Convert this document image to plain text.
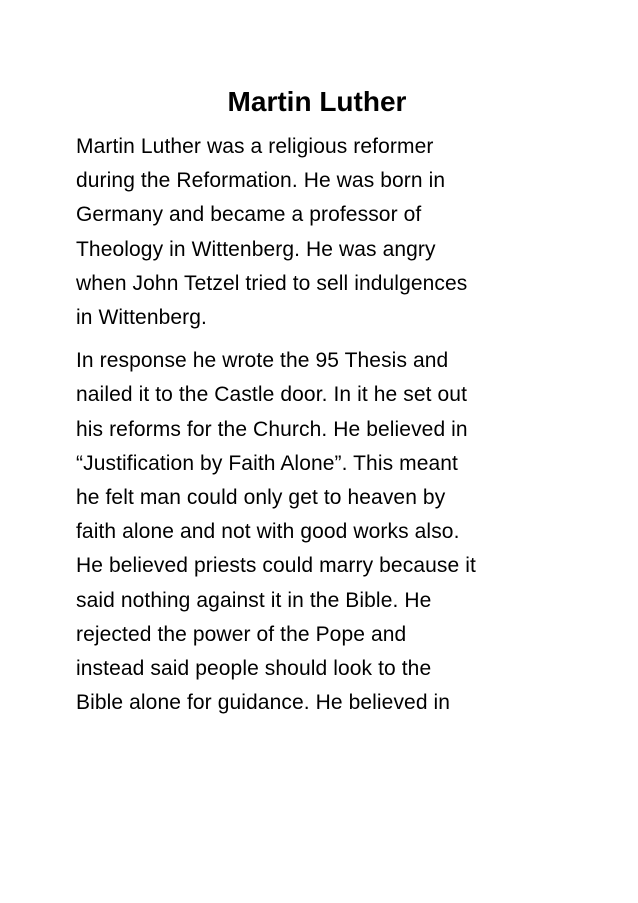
Martin Luther

Martin Luther was a religious reformer
during the Reformation. He was born in
Germany and became a professor of
Theology in Wittenberg. He was angry
when John Tetzel tried to sell indulgences
in Wittenberg.

In response he wrote the 95 Thesis and
nailed it to the Castle door. In it he set out
his reforms for the Church. He believed in
“Justification by Faith Alone”. This meant
he felt man could only get to heaven by
faith alone and not with good works also.
He believed priests could marry because it
said nothing against it in the Bible. He
rejected the power of the Pope and
instead said people should look to the
Bible alone for guidance. He believed in
